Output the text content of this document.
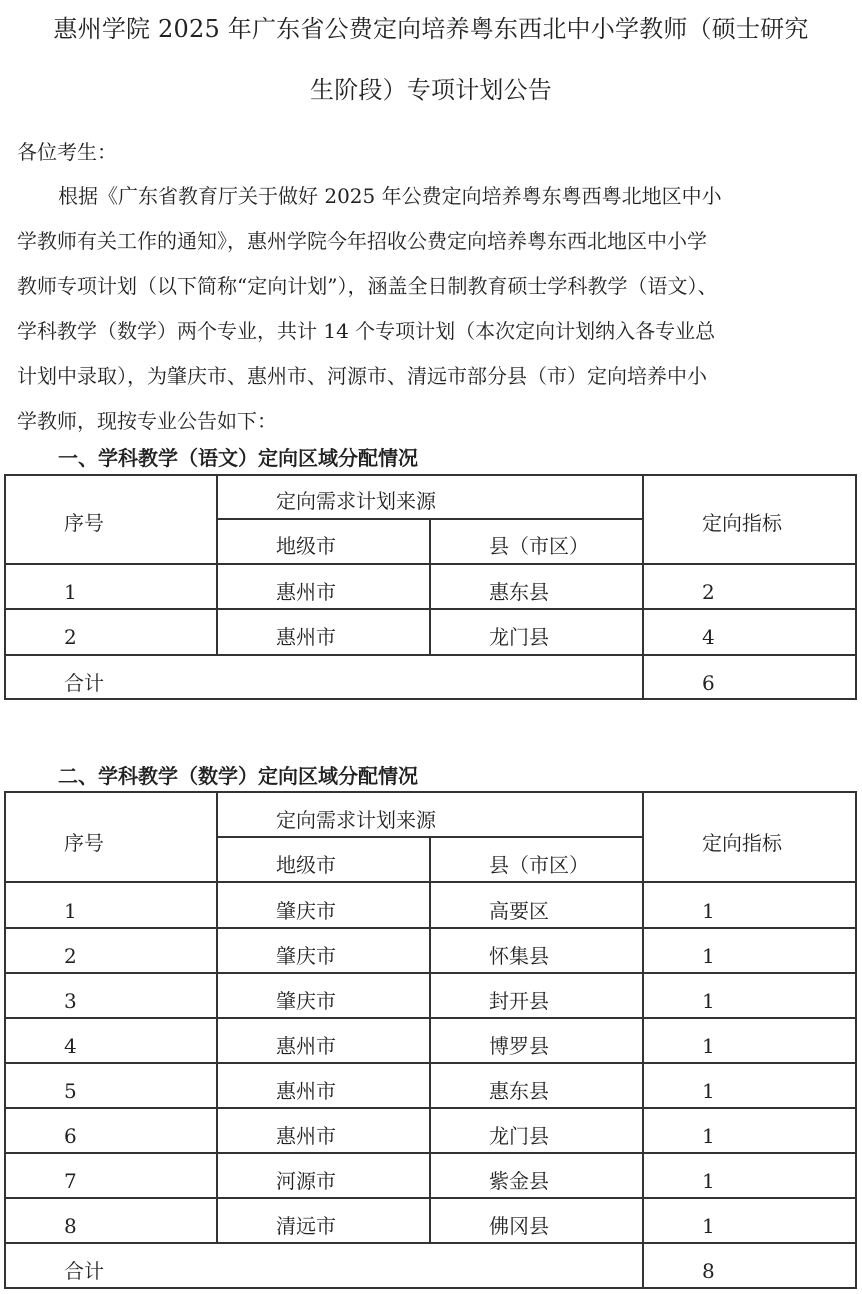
惠州学院 2025 年广东省公费定向培养粤东西北中小学教师（硕士研究
生阶段）专项计划公告
各位考生：
根据《广东省教育厅关于做好 2025 年公费定向培养粤东粤西粤北地区中小
学教师有关工作的通知》，惠州学院今年招收公费定向培养粤东西北地区中小学
教师专项计划（以下简称“定向计划”），涵盖全日制教育硕士学科教学（语文）、
学科教学（数学）两个专业，共计 14 个专项计划（本次定向计划纳入各专业总
计划中录取），为肇庆市、惠州市、河源市、清远市部分县（市）定向培养中小
学教师，现按专业公告如下：
一、学科教学（语文）定向区域分配情况
序号
定向需求计划来源
地级市	县（市区）
定向指标
1	惠州市	惠东县	2
2	惠州市	龙门县	4
合计	6
二、学科教学（数学）定向区域分配情况
序号
定向需求计划来源
地级市	县（市区）
定向指标
1	肇庆市	高要区	1
2	肇庆市	怀集县	1
3	肇庆市	封开县	1
4	惠州市	博罗县	1
5	惠州市	惠东县	1
6	惠州市	龙门县	1
7	河源市	紫金县	1
8	清远市	佛冈县	1
合计	8
